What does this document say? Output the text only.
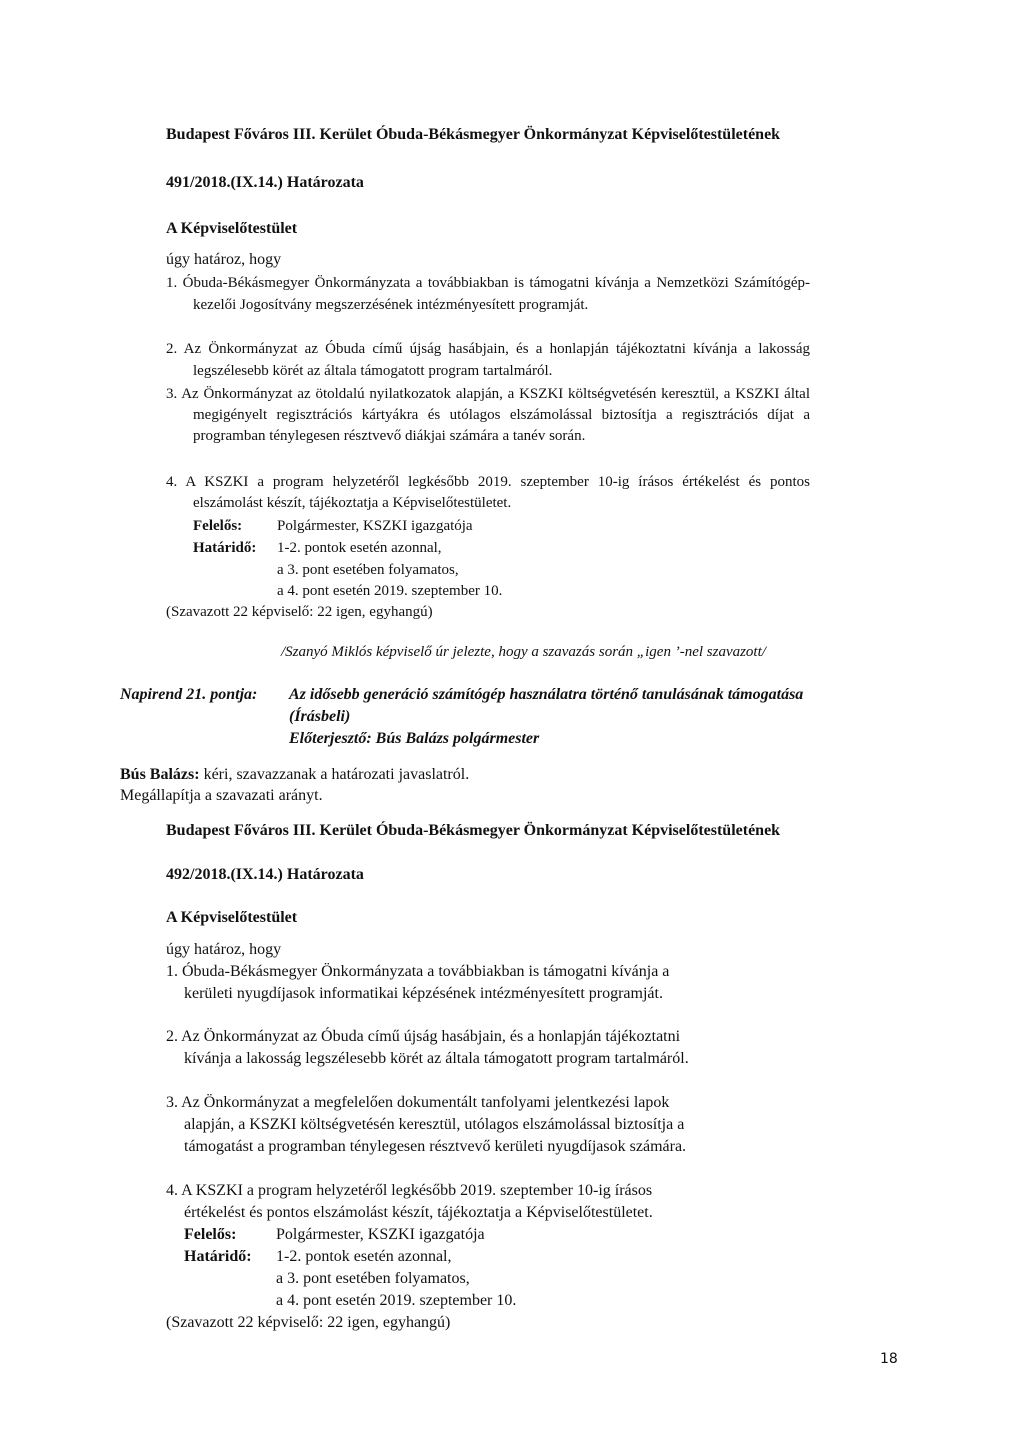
Budapest Főváros III. Kerület Óbuda-Békásmegyer Önkormányzat Képviselőtestületének

491/2018.(IX.14.) Határozata

A Képviselőtestület

úgy határoz, hogy

1. Óbuda-Békásmegyer Önkormányzata a továbbiakban is támogatni kívánja a Nemzetközi Számítógép-kezelői Jogosítvány megszerzésének intézményesített programját.

2. Az Önkormányzat az Óbuda című újság hasábjain, és a honlapján tájékoztatni kívánja a lakosság legszélesebb körét az általa támogatott program tartalmáról.

3. Az Önkormányzat az ötoldalú nyilatkozatok alapján, a KSZKI költségvetésén keresztül, a KSZKI által megigényelt regisztrációs kártyákra és utólagos elszámolással biztosítja a regisztrációs díjat a programban ténylegesen résztvevő diákjai számára a tanév során.

4. A KSZKI a program helyzetéről legkésőbb 2019. szeptember 10-ig írásos értékelést és pontos elszámolást készít, tájékoztatja a Képviselőtestületet.

Felelős: Polgármester, KSZKI igazgatója

Határidő: 1-2. pontok esetén azonnal,

a 3. pont esetében folyamatos,

a 4. pont esetén 2019. szeptember 10.

(Szavazott 22 képviselő: 22 igen, egyhangú)

/Szanyó Miklós képviselő úr jelezte, hogy a szavazás során „igen ’-nel szavazott/

Napirend 21. pontja: Az idősebb generáció számítógép használatra történő tanulásának támogatása

(Írásbeli)

Előterjesztő: Bús Balázs polgármester

Bús Balázs: kéri, szavazzanak a határozati javaslatról.

Megállapítja a szavazati arányt.

Budapest Főváros III. Kerület Óbuda-Békásmegyer Önkormányzat Képviselőtestületének

492/2018.(IX.14.) Határozata

A Képviselőtestület

úgy határoz, hogy

1. Óbuda-Békásmegyer Önkormányzata a továbbiakban is támogatni kívánja a

kerületi nyugdíjasok informatikai képzésének intézményesített programját.

2. Az Önkormányzat az Óbuda című újság hasábjain, és a honlapján tájékoztatni

kívánja a lakosság legszélesebb körét az általa támogatott program tartalmáról.

3. Az Önkormányzat a megfelelően dokumentált tanfolyami jelentkezési lapok

alapján, a KSZKI költségvetésén keresztül, utólagos elszámolással biztosítja a

támogatást a programban ténylegesen résztvevő kerületi nyugdíjasok számára.

4. A KSZKI a program helyzetéről legkésőbb 2019. szeptember 10-ig írásos

értékelést és pontos elszámolást készít, tájékoztatja a Képviselőtestületet.

Felelős: Polgármester, KSZKI igazgatója

Határidő: 1-2. pontok esetén azonnal,

a 3. pont esetében folyamatos,

a 4. pont esetén 2019. szeptember 10.

(Szavazott 22 képviselő: 22 igen, egyhangú)

18
